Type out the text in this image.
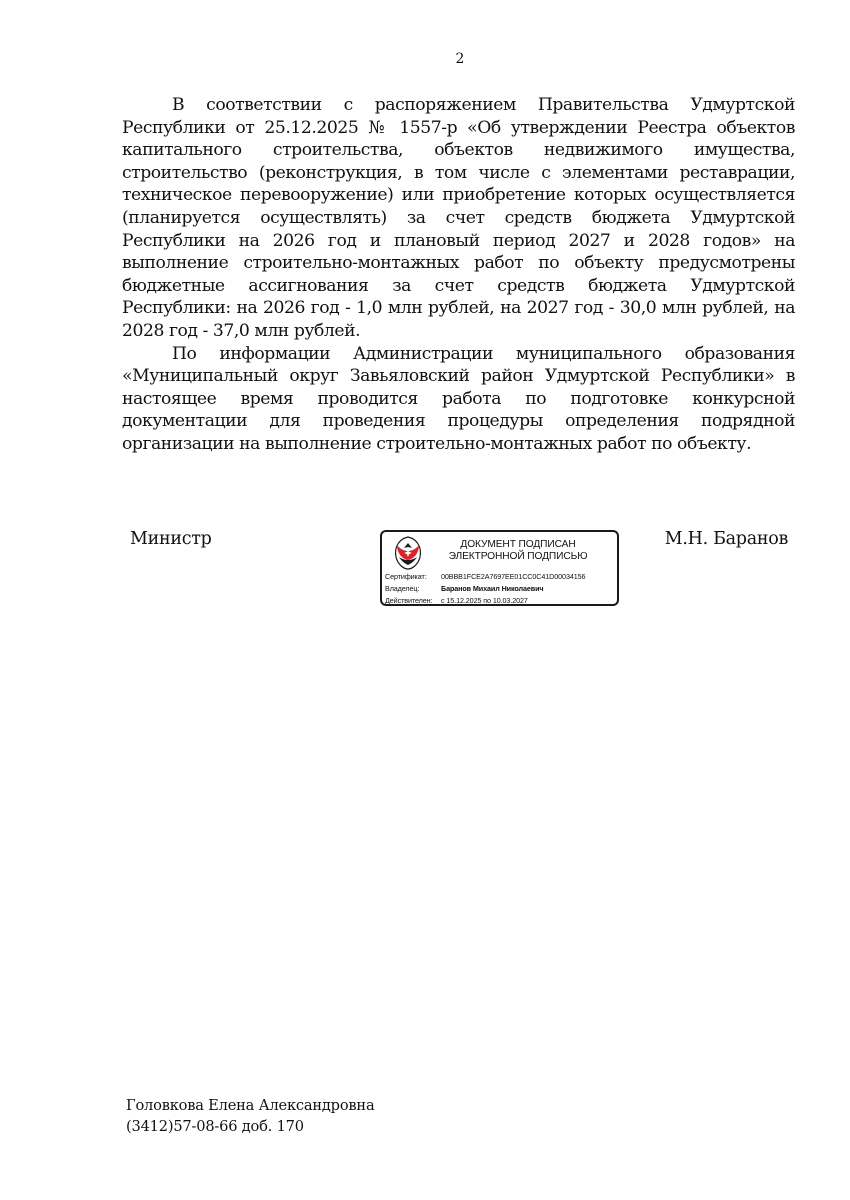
2

В соответствии с распоряжением Правительства Удмуртской Республики от 25.12.2025 № 1557-р «Об утверждении Реестра объектов капитального строительства, объектов недвижимого имущества, строительство (реконструкция, в том числе с элементами реставрации, техническое перевооружение) или приобретение которых осуществляется (планируется осуществлять) за счет средств бюджета Удмуртской Республики на 2026 год и плановый период 2027 и 2028 годов» на выполнение строительно-монтажных работ по объекту предусмотрены бюджетные ассигнования за счет средств бюджета Удмуртской Республики: на 2026 год - 1,0 млн рублей, на 2027 год - 30,0 млн рублей, на 2028 год - 37,0 млн рублей.

По информации Администрации муниципального образования «Муниципальный округ Завьяловский район Удмуртской Республики» в настоящее время проводится работа по подготовке конкурсной документации для проведения процедуры определения подрядной организации на выполнение строительно-монтажных работ по объекту.

Министр	ДОКУМЕНТ ПОДПИСАН
ЭЛЕКТРОННОЙ ПОДПИСЬЮ
Сертификат: 00BBB1FCE2A7697EE01CC0C41D00034156
Владелец:	Баранов Михаил Николаевич
Действителен: с 15.12.2025 по 10.03.2027
М.Н. Баранов
Головкова Елена Александровна
(3412)57-08-66 доб. 170
